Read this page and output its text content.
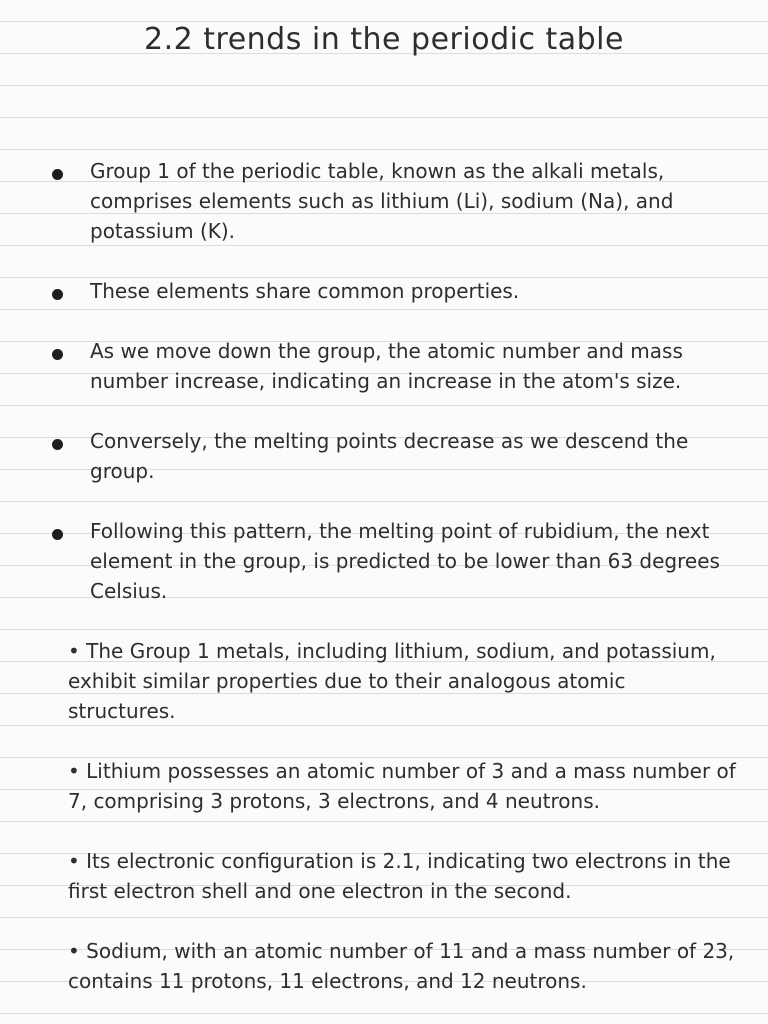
2.2 trends in the periodic table

Group 1 of the periodic table, known as the alkali metals, comprises elements such as lithium (Li), sodium (Na), and potassium (K).

These elements share common properties.

As we move down the group, the atomic number and mass number increase, indicating an increase in the atom's size.

Conversely, the melting points decrease as we descend the group.

Following this pattern, the melting point of rubidium, the next element in the group, is predicted to be lower than 63 degrees Celsius.

• The Group 1 metals, including lithium, sodium, and potassium, exhibit similar properties due to their analogous atomic structures.

• Lithium possesses an atomic number of 3 and a mass number of 7, comprising 3 protons, 3 electrons, and 4 neutrons.

• Its electronic configuration is 2.1, indicating two electrons in the first electron shell and one electron in the second.

• Sodium, with an atomic number of 11 and a mass number of 23, contains 11 protons, 11 electrons, and 12 neutrons.
